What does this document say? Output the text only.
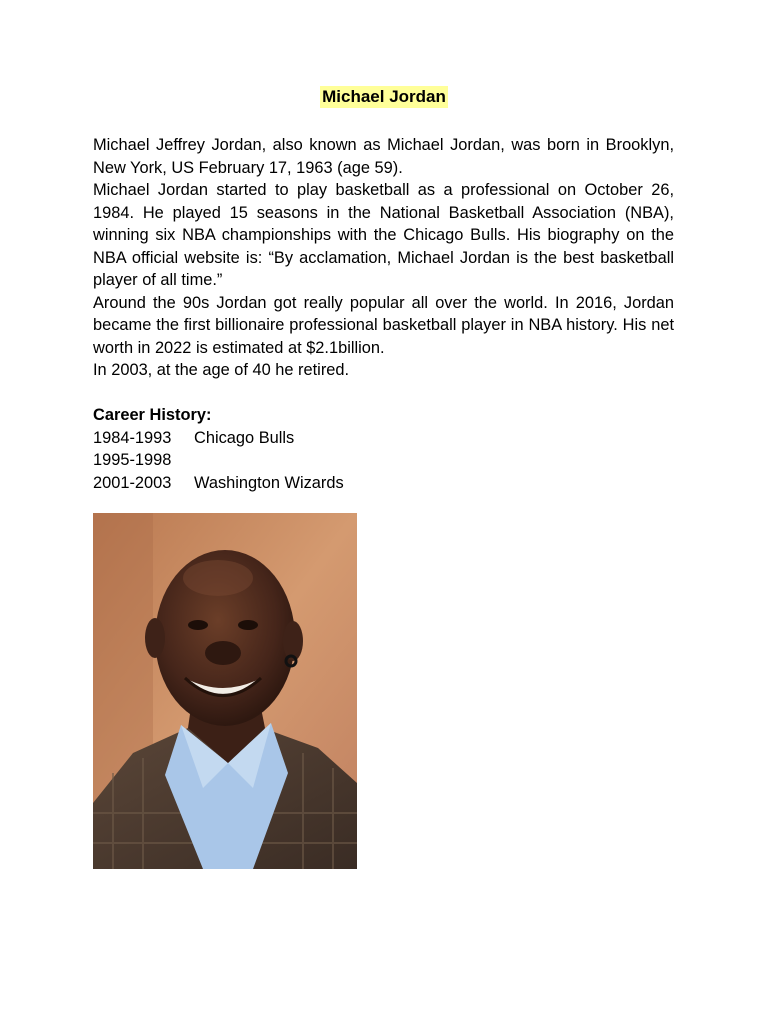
Michael Jordan

Michael Jeffrey Jordan, also known as Michael Jordan, was born in Brooklyn, New York, US February 17, 1963 (age 59).

Michael Jordan started to play basketball as a professional on October 26, 1984. He played 15 seasons in the National Basketball Association (NBA), winning six NBA championships with the Chicago Bulls. His biography on the NBA official website is: “By acclamation, Michael Jordan is the best basketball player of all time.”

Around the 90s Jordan got really popular all over the world. In 2016, Jordan became the first billionaire professional basketball player in NBA history. His net worth in 2022 is estimated at $2.1billion.

In 2003, at the age of 40 he retired.

Career History:

1984-1993	Chicago Bulls
1995-1998
2001-2003	Washington Wizards
